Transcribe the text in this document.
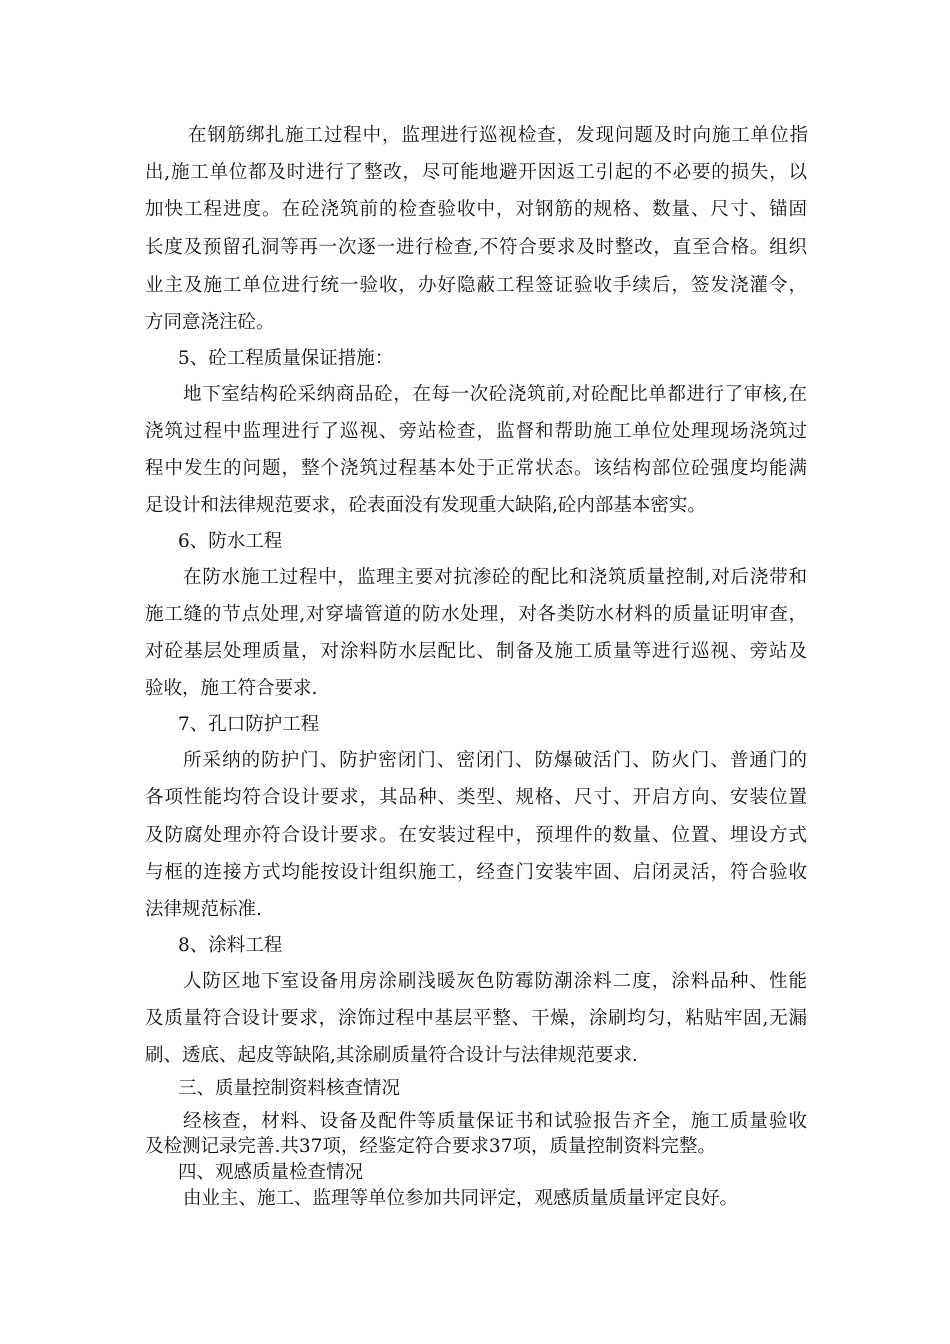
在钢筋绑扎施工过程中，监理进行巡视检查，发现问题及时向施工单位指
出,施工单位都及时进行了整改，尽可能地避开因返工引起的不必要的损失，以
加快工程进度。在砼浇筑前的检查验收中，对钢筋的规格、数量、尺寸、锚固
长度及预留孔洞等再一次逐一进行检查,不符合要求及时整改，直至合格。组织
业主及施工单位进行统一验收，办好隐蔽工程签证验收手续后，签发浇灌令，
方同意浇注砼。
5、砼工程质量保证措施：
地下室结构砼采纳商品砼，在每一次砼浇筑前,对砼配比单都进行了审核,在
浇筑过程中监理进行了巡视、旁站检查，监督和帮助施工单位处理现场浇筑过
程中发生的问题，整个浇筑过程基本处于正常状态。该结构部位砼强度均能满
足设计和法律规范要求，砼表面没有发现重大缺陷,砼内部基本密实。
6、防水工程
在防水施工过程中，监理主要对抗渗砼的配比和浇筑质量控制,对后浇带和
施工缝的节点处理,对穿墙管道的防水处理，对各类防水材料的质量证明审查，
对砼基层处理质量，对涂料防水层配比、制备及施工质量等进行巡视、旁站及
验收，施工符合要求.
7、孔口防护工程
所采纳的防护门、防护密闭门、密闭门、防爆破活门、防火门、普通门的
各项性能均符合设计要求，其品种、类型、规格、尺寸、开启方向、安装位置
及防腐处理亦符合设计要求。在安装过程中，预埋件的数量、位置、埋设方式
与框的连接方式均能按设计组织施工，经查门安装牢固、启闭灵活，符合验收
法律规范标准.
8、涂料工程
人防区地下室设备用房涂刷浅暖灰色防霉防潮涂料二度，涂料品种、性能
及质量符合设计要求，涂饰过程中基层平整、干燥，涂刷均匀，粘贴牢固,无漏
刷、透底、起皮等缺陷,其涂刷质量符合设计与法律规范要求.
三、质量控制资料核查情况
经核查，材料、设备及配件等质量保证书和试验报告齐全，施工质量验收
及检测记录完善.共37项，经鉴定符合要求37项，质量控制资料完整。
四、观感质量检查情况
由业主、施工、监理等单位参加共同评定，观感质量质量评定良好。
